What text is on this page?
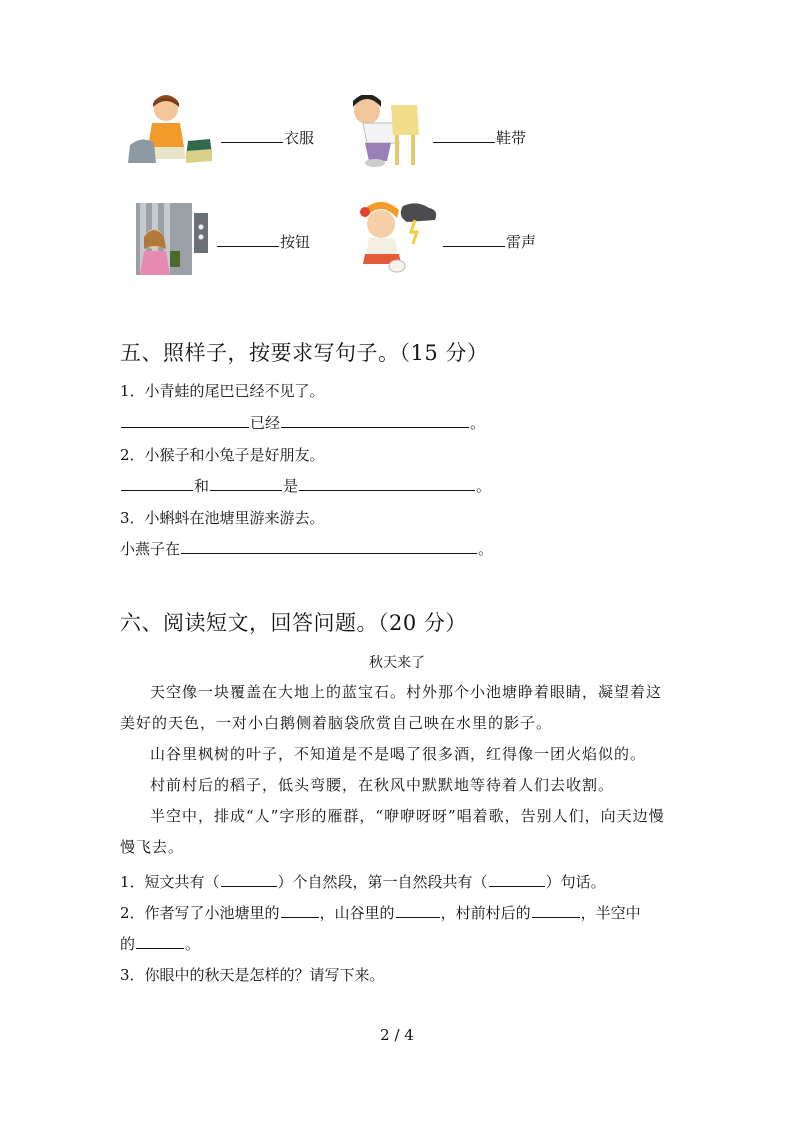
衣服	鞋带
按钮	雷声
五、照样子，按要求写句子。（15 分）
1．小青蛙的尾巴已经不见了。
已经	。
2．小猴子和小兔子是好朋友。
和	是	。
3．小蝌蚪在池塘里游来游去。
小燕子在	。
六、阅读短文，回答问题。（20 分）
秋天来了
天空像一块覆盖在大地上的蓝宝石。村外那个小池塘睁着眼睛，凝望着这美好的天色，一对小白鹅侧着脑袋欣赏自己映在水里的影子。
山谷里枫树的叶子，不知道是不是喝了很多酒，红得像一团火焰似的。
村前村后的稻子，低头弯腰，在秋风中默默地等待着人们去收割。
半空中，排成“人”字形的雁群，“咿咿呀呀”唱着歌，告别人们，向天边慢慢飞去。
1．短文共有（	）个自然段，第一自然段共有（	）句话。
2．作者写了小池塘里的	，山谷里的	，村前村后的	，半空中
的	。
3．你眼中的秋天是怎样的？请写下来。
2 / 4
